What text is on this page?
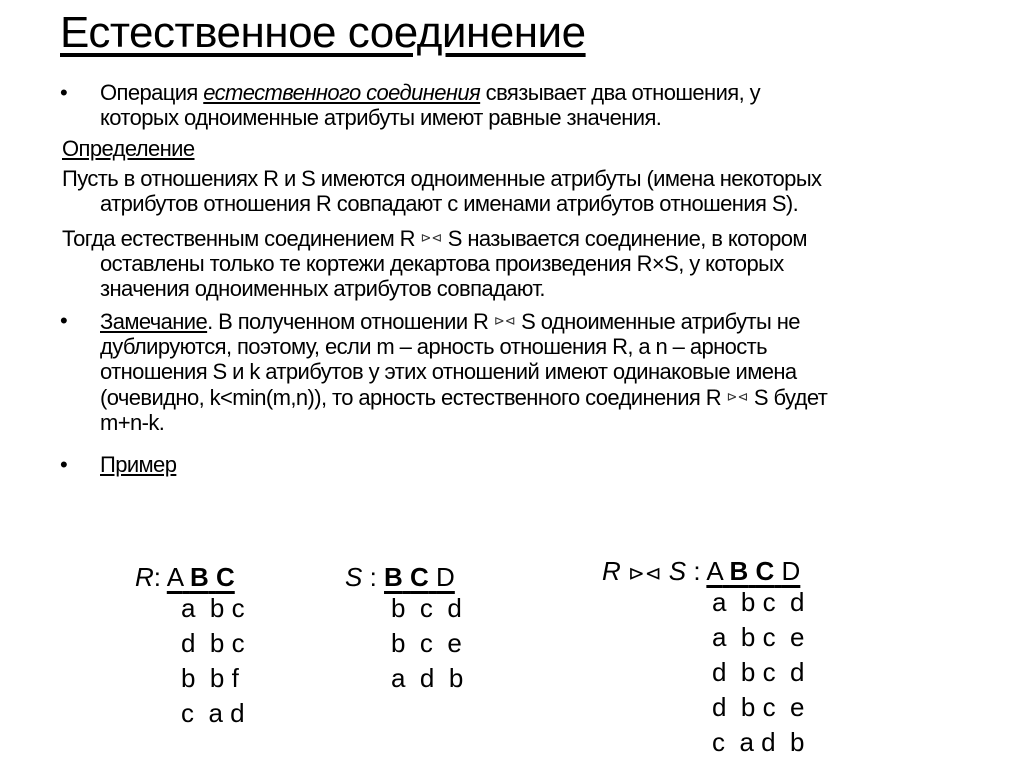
Естественное соединение
• Операция естественного соединения связывает два отношения, у
которых одноименные атрибуты имеют равные значения.
Определение
Пусть в отношениях R и S имеются одноименные атрибуты (имена некоторых
атрибутов отношения R совпадают с именами атрибутов отношения S).
Тогда естественным соединением R ⊳⊲ S называется соединение, в котором
оставлены только те кортежи декартова произведения R×S, у которых
значения одноименных атрибутов совпадают.
• Замечание. В полученном отношении R ⊳⊲ S одноименные атрибуты не
дублируются, поэтому, если m – арность отношения R, а n – арность
отношения S и k атрибутов у этих отношений имеют одинаковые имена
(очевидно, k<min(m,n)), то арность естественного соединения R ⊳⊲ S будет
m+n-k.
• Пример
R: A B C
a  b c
d  b c
b  b f
c  a d
S : B C D
b  c  d
b  c  e
a  d  b
R ⊳⊲ S : A B C D
a  b c  d
a  b c  e
d  b c  d
d  b c  e
c  a d  b
